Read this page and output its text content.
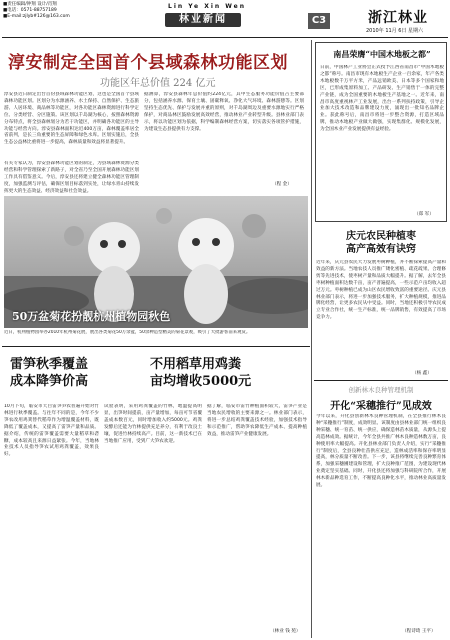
■责任编辑/钟翔 设计/肖翔
■电话：0571-88757189
■E-mail:zjlyb#126@163.com
Lin Ye Xin Wen
林业新闻	C3	浙江林业
2010年 11月 6日 星期六
淳安制定全国首个县域森林功能区划
功能区年总价值 224 亿元
淳安县近日制定出台首份县域森林功能区划，这也是全国首个县域森林功能区划。区划分为水源涵养、水土保持、自然保护、生态旅游、人居环境、商品林等功能区，对各功能区森林资源进行科学定位、分类经营、分区施策。该区划以千岛湖为核心，按照森林资源分布特点，将全县森林划分为若干功能区，并明确各功能区的主导功能与经营方向。淳安县森林面积达近400万亩，森林覆盖率居全省前列，是长三角重要的生态屏障和绿色水库。区划实施后，全县生态公益林比重将进一步提高，森林质量和效益将显著提升。
据测算，淳安县森林年总价值约224亿元，其中生态服务功能价值占主要部分，包括涵养水源、保育土壤、固碳释氧、净化大气环境、森林游憩等。区划坚持生态优先、保护与发展并重的原则，对千岛湖周边及重要水源地实行严格保护，对商品林区鼓励发展高效经营，推动林业产业转型升级。县林业部门表示，将以功能区划为依据，科学编制森林经营方案，切实落实各项管护措施，为建设生态县提供有力支撑。
有关专家认为，淳安县森林功能区划的制定，为县域森林资源分类经营和科学管理探索了新路子，对全省乃至全国开展森林功能区划工作具有借鉴意义。今后，淳安县还将建立健全森林功能区管理制度，加强监测与评估，确保区划目标落到实处，让绿水青山持续发挥更大的生态效益、经济效益和社会效益。
（程 金）
50万盆菊花扮靓杭州植物园秋色
近日，杭州植物园举办2010年杭州菊花展，展出各类菊花50万余盆，50余种造型精美的菊花景观，吸引了大批游客前来观赏。
雷笋秋季覆盖
成本降笋价高
不用稻草用鸡粪
亩均增收5000元
10月下旬，临安市天目雷笋笋农普遍开始对竹林进行秋季覆盖。与往年不同的是，今年不少笋农改用鸡粪替代稻草作为增温覆盖材料，既降低了覆盖成本，又提高了雷笋产量和品质。据介绍，传统的雷笋覆盖需要大量稻草和砻糠，成本较高且来源日益紧张。今年，当地林业技术人员指导笋农试用鸡粪覆盖，效果良好。
试验表明，采用鸡粪覆盖的竹林，地温提高明显，出笋时间提前，亩产量增加，每亩可节省覆盖成本数百元，同时增加收入约5000元。鸡粪发酵后还能为竹林提供充足养分，有利于改良土壤，促进竹林持续高产。目前，这一新技术已在当地推广应用，受到广大笋农欢迎。
据了解，临安市雷竹种植面积较大，雷笋产业是当地农民增收的主要来源之一。林业部门表示，将进一步总结鸡粪覆盖技术经验，加强技术指导和示范推广，帮助笋农降低生产成本、提高种植效益，推动雷笋产业健康发展。
（林业 钱 苑）
南昌荣膺“中国木地板之都”
日前，中国林产工业协会正式授予江西省南昌市“中国木地板之都”称号。南昌市现有木地板生产企业一百余家，年产各类木地板数千万平方米，产品远销欧美、日本等多个国家和地区，已形成集原料加工、产品研发、生产销售于一体的完整产业链，成为全国重要的木地板生产基地之一。近年来，南昌市高度重视林产工业发展，出台一系列扶持政策，引导企业加大技术改造和品牌建设力度，涌现出一批知名品牌企业。获此称号后，南昌市将进一步整合资源，打造区域品牌，推动木地板产业做大做强，实现集群化、规模化发展，为全国木业产业发展提供有益经验。
（郑 军）
庆元农民种植枣
高产高效有诀窍
近年来，庆元县农民大力发展枣树种植，并不断探索提高产量和效益的新方法。当地农技人员推广矮化密植、疏花疏果、合理修剪等先进技术，使枣树产量和品质大幅提升。据了解，去年全县枣树种植面积达数千亩，亩产普遍提高，一些示范户亩均收入超过万元。枣树种植已成为山区农民增收致富的重要途径。庆元县林业部门表示，将进一步加强技术服务，扩大种植规模，推进品牌化经营，让更多农民从中受益。同时，当地还积极引导农民成立专业合作社，统一生产标准，统一品牌销售，有效提高了市场竞争力。
（杨 鑫）
创新林木良种管理机制
开化“采穗推行”见成效
今年以来，开化县创新林木良种管理机制，在全县推行林木良种“采穗推行”制度，成效明显。该制度由县林业部门统一组织良种采穗、统一育苗、统一供应，确保造林苗木质量，从源头上提高造林成效。据统计，今年全县共推广林木良种造林数万亩，良种使用率大幅提高。开化县林业部门负责人介绍，实行“采穗推行”制度后，全县良种壮苗供应充足，造林成活率和保存率明显提高，林分质量不断改善。下一步，该县将继续完善良种繁育体系，加强采穗圃建设和管理，扩大良种推广范围，为建设现代林业奠定坚实基础。同时，开化县还将加强与科研院所合作，开展林木新品种选育工作，不断提高良种化水平，推动林业高质量发展。
（程诗琦 王平）
